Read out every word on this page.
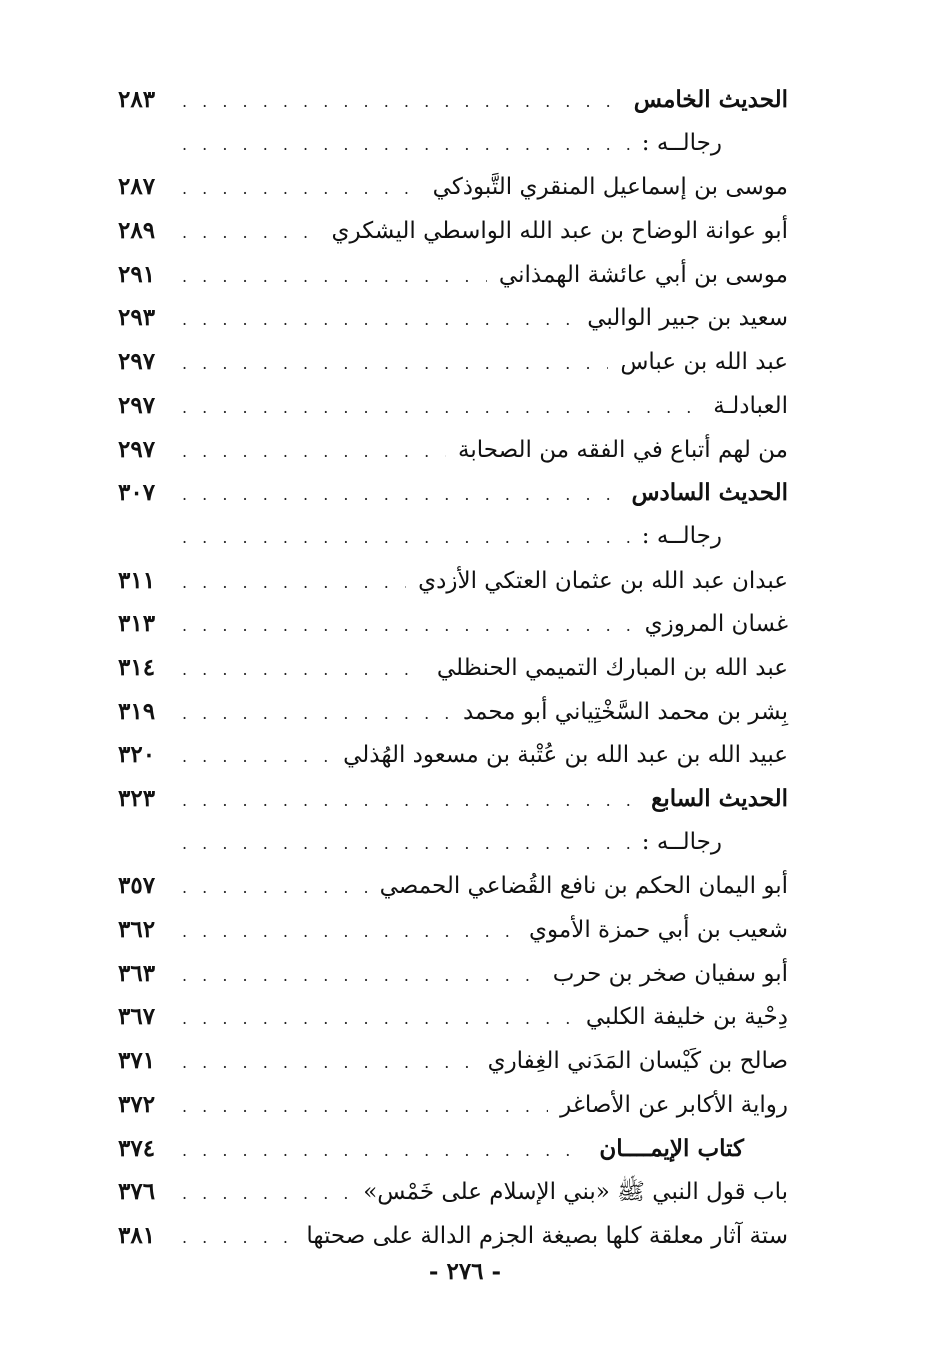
الحديث الخامس
. . .
٢٨٣
رجالــه :
. . .
موسى بن إسماعيل المنقري التَّبوذكي
. . .
٢٨٧
أبو عوانة الوضاح بن عبد الله الواسطي اليشكري
. . .
٢٨٩
موسى بن أبي عائشة الهمذاني
. . .
٢٩١
سعيد بن جبير الوالبي
. . .
٢٩٣
عبد الله بن عباس
. . .
٢٩٧
العبادلـة
. . .
٢٩٧
من لهم أتباع في الفقه من الصحابة
. . .
٢٩٧
الحديث السادس
. . .
٣٠٧
رجالــه :
. . .
عبدان عبد الله بن عثمان العتكي الأزدي
. . .
٣١١
غسان المروزي
. . .
٣١٣
عبد الله بن المبارك التميمي الحنظلي
. . .
٣١٤
بِشر بن محمد السَّخْتِياني أبو محمد
. . .
٣١٩
عبيد الله بن عبد الله بن عُتْبة بن مسعود الهُذلي
. . .
٣٢٠
الحديث السابع
. . .
٣٢٣
رجالــه :
. . .
أبو اليمان الحكم بن نافع القُضاعي الحمصي
. . .
٣٥٧
شعيب بن أبي حمزة الأموي
. . .
٣٦٢
أبو سفيان صخر بن حرب
. . .
٣٦٣
دِحْية بن خليفة الكلبي
. . .
٣٦٧
صالح بن كَيْسان المَدَني الغِفاري
. . .
٣٧١
رواية الأكابر عن الأصاغر
. . .
٣٧٢
كتاب الإيمــــان
. . .
٣٧٤
باب قول النبي ﷺ «بني الإسلام على خَمْس»
. . .
٣٧٦
ستة آثار معلقة كلها بصيغة الجزم الدالة على صحتها
. . .
٣٨١
- ٢٧٦ -
